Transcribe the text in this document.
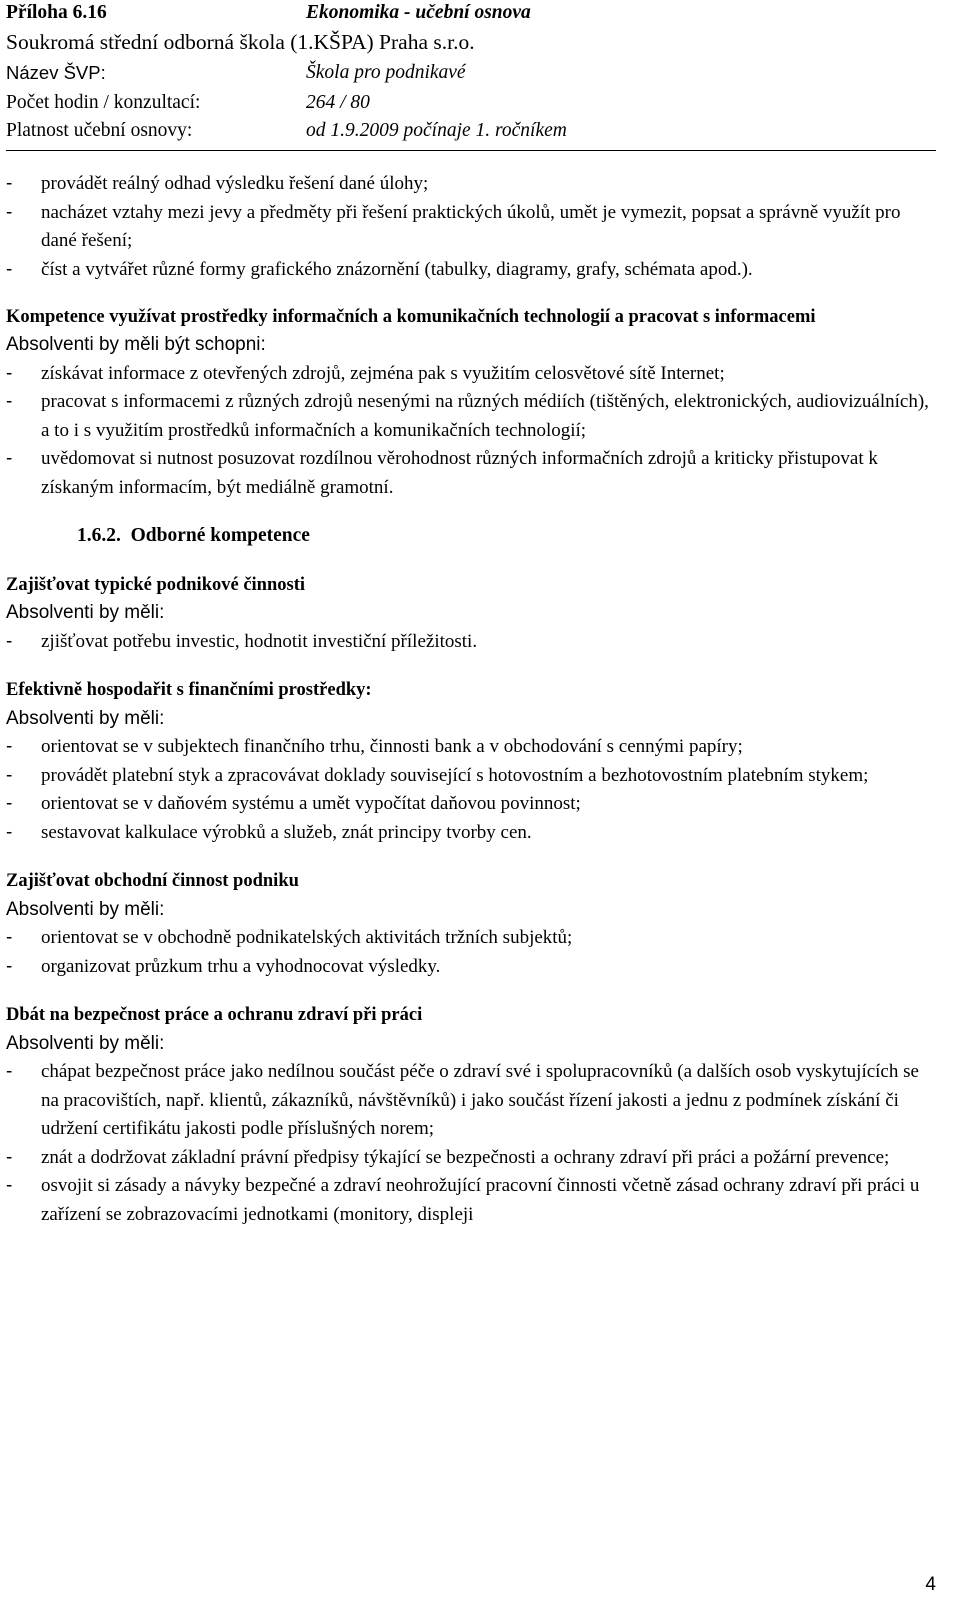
Příloha 6.16	Ekonomika - učební osnova
Soukromá střední odborná škola (1.KŠPA) Praha s.r.o.
Název ŠVP:	Škola pro podnikavé
Počet hodin / konzultací:	264 / 80
Platnost učební osnovy:	od 1.9.2009 počínaje 1. ročníkem
- provádět reálný odhad výsledku řešení dané úlohy;
- nacházet vztahy mezi jevy a předměty při řešení praktických úkolů, umět je vymezit, popsat a správně využít pro dané řešení;
- číst a vytvářet různé formy grafického znázornění (tabulky, diagramy, grafy, schémata apod.).
Kompetence využívat prostředky informačních a komunikačních technologií a pracovat s informacemi
Absolventi by měli být schopni:
- získávat informace z otevřených zdrojů, zejména pak s využitím celosvětové sítě Internet;
- pracovat s informacemi z různých zdrojů nesenými na různých médiích (tištěných, elektronických, audiovizuálních), a to i s využitím prostředků informačních a komunikačních technologií;
- uvědomovat si nutnost posuzovat rozdílnou věrohodnost různých informačních zdrojů a kriticky přistupovat k získaným informacím, být mediálně gramotní.
1.6.2. Odborné kompetence
Zajišťovat typické podnikové činnosti
Absolventi by měli:
- zjišťovat potřebu investic, hodnotit investiční příležitosti.
Efektivně hospodařit s finančními prostředky:
Absolventi by měli:
- orientovat se v subjektech finančního trhu, činnosti bank a v obchodování s cennými papíry;
- provádět platební styk a zpracovávat doklady související s hotovostním a bezhotovostním platebním stykem;
- orientovat se v daňovém systému a umět vypočítat daňovou povinnost;
- sestavovat kalkulace výrobků a služeb, znát principy tvorby cen.
Zajišťovat obchodní činnost podniku
Absolventi by měli:
- orientovat se v obchodně podnikatelských aktivitách tržních subjektů;
- organizovat průzkum trhu a vyhodnocovat výsledky.
Dbát na bezpečnost práce a ochranu zdraví při práci
Absolventi by měli:
- chápat bezpečnost práce jako nedílnou součást péče o zdraví své i spolupracovníků (a dalších osob vyskytujících se na pracovištích, např. klientů, zákazníků, návštěvníků) i jako součást řízení jakosti a jednu z podmínek získání či udržení certifikátu jakosti podle příslušných norem;
- znát a dodržovat základní právní předpisy týkající se bezpečnosti a ochrany zdraví při práci a požární prevence;
- osvojit si zásady a návyky bezpečné a zdraví neohrožující pracovní činnosti včetně zásad ochrany zdraví při práci u zařízení se zobrazovacími jednotkami (monitory, displeji
4
